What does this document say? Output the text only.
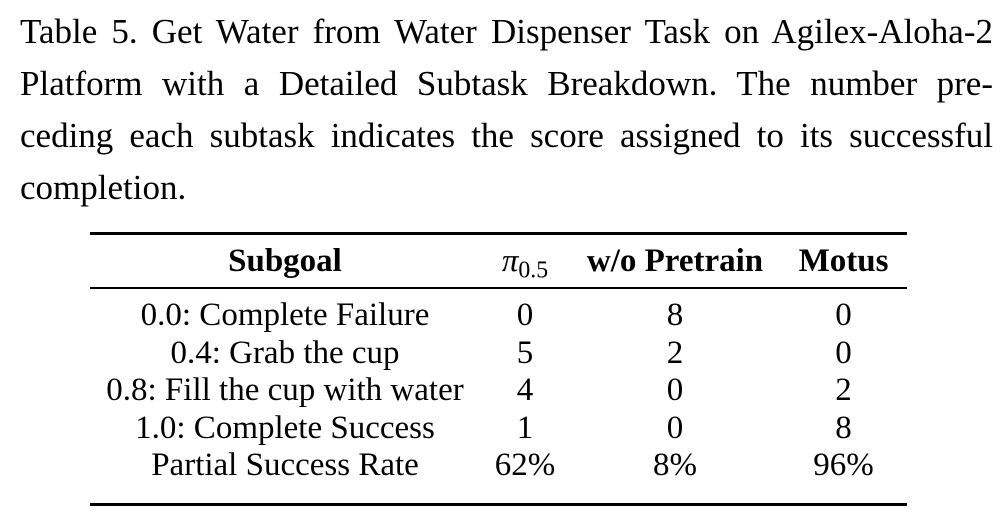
Table 5. Get Water from Water Dispenser Task on Agilex-Aloha-2
Platform with a Detailed Subtask Breakdown. The number pre-
ceding each subtask indicates the score assigned to its successful
completion.
Subgoal	$\pi_{0.5}$	w/o Pretrain	Motus
0.0: Complete Failure	0	8	0
0.4: Grab the cup	5	2	0
0.8: Fill the cup with water	4	0	2
1.0: Complete Success	1	0	8
Partial Success Rate	62%	8%	96%
